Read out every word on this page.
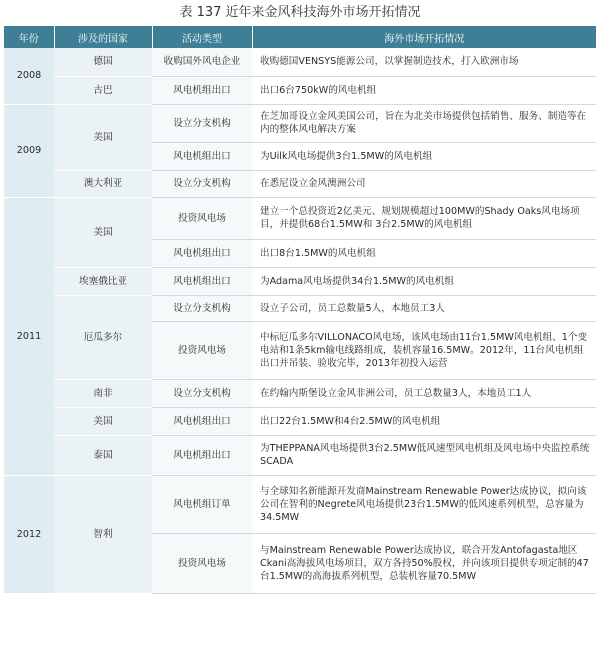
表 137 近年来金风科技海外市场开拓情况
年份	涉及的国家	活动类型	海外市场开拓情况
2008	德国	收购国外风电企业	收购德国VENSYS能源公司，以掌握制造技术，打入欧洲市场
	古巴	风电机组出口	出口6台750kW的风电机组
2009	美国	设立分支机构	在芝加哥设立金风美国公司，旨在为北美市场提供包括销售、服务、制造等在内的整体风电解决方案
		风电机组出口	为Uilk风电场提供3台1.5MW的风电机组
	澳大利亚	设立分支机构	在悉尼设立金风澳洲公司
2011	美国	投资风电场	建立一个总投资近2亿美元、规划规模超过100MW的Shady Oaks风电场项目，并提供68台1.5MW和 3台2.5MW的风电机组
		风电机组出口	出口8台1.5MW的风电机组
	埃塞俄比亚	风电机组出口	为Adama风电场提供34台1.5MW的风电机组
	厄瓜多尔	设立分支机构	设立子公司，员工总数量5人，本地员工3人
		投资风电场	中标厄瓜多尔VILLONACO风电场，该风电场由11台1.5MW风电机组、1个变电站和1条5km输电线路组成，装机容量16.5MW。2012年，11台风电机组出口并吊装、验收完毕，2013年初投入运营
	南非	设立分支机构	在约翰内斯堡设立金风非洲公司，员工总数量3人，本地员工1人
	美国	风电机组出口	出口22台1.5MW和4台2.5MW的风电机组
	泰国	风电机组出口	为THEPPANA风电场提供3台2.5MW低风速型风电机组及风电场中央监控系统SCADA
2012	智利	风电机组订单	与全球知名新能源开发商Mainstream Renewable Power达成协议，拟向该公司在智利的Negrete风电场提供23台1.5MW的低风速系列机型，总容量为34.5MW
		投资风电场	与Mainstream Renewable Power达成协议，联合开发Antofagasta地区Ckani高海拔风电场项目，双方各持50%股权，并向该项目提供专项定制的47台1.5MW的高海拔系列机型，总装机容量70.5MW
